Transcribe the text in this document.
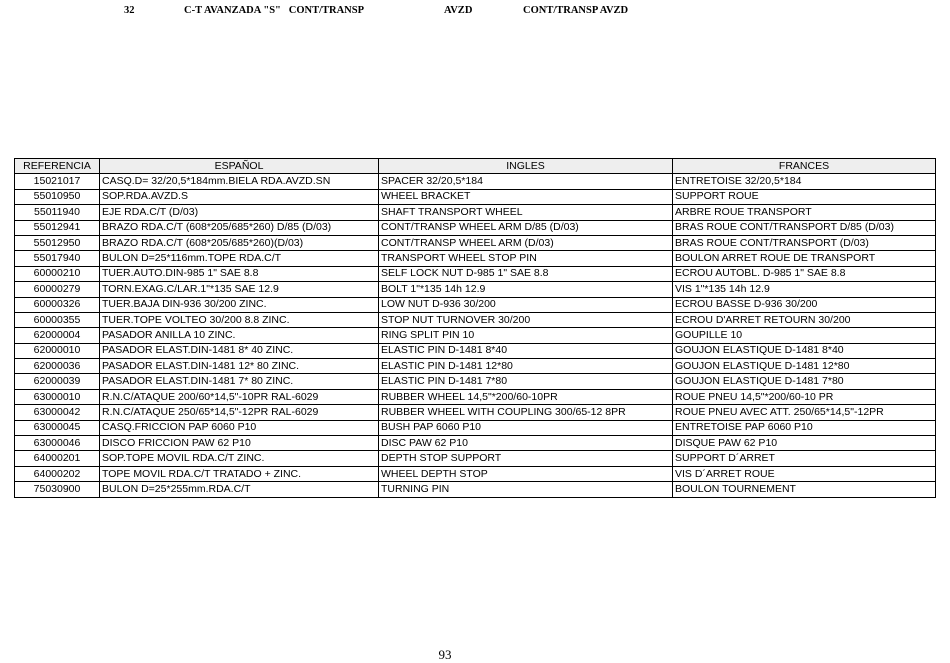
32	C-T AVANZADA "S"   CONT/TRANSP	AVZD	CONT/TRANSP AVZD
REFERENCIA	ESPAÑOL	INGLES	FRANCES
15021017	CASQ.D= 32/20,5*184mm.BIELA RDA.AVZD.SN	SPACER 32/20,5*184	ENTRETOISE 32/20,5*184
55010950	SOP.RDA.AVZD.S	WHEEL BRACKET	SUPPORT ROUE
55011940	EJE RDA.C/T (D/03)	SHAFT TRANSPORT WHEEL	ARBRE ROUE TRANSPORT
55012941	BRAZO RDA.C/T (608*205/685*260) D/85 (D/03)	CONT/TRANSP WHEEL ARM D/85 (D/03)	BRAS ROUE CONT/TRANSPORT D/85 (D/03)
55012950	BRAZO RDA.C/T (608*205/685*260)(D/03)	CONT/TRANSP WHEEL ARM (D/03)	BRAS ROUE CONT/TRANSPORT (D/03)
55017940	BULON D=25*116mm.TOPE RDA.C/T	TRANSPORT WHEEL STOP PIN	BOULON ARRET ROUE DE TRANSPORT
60000210	TUER.AUTO.DIN-985 1" SAE 8.8	SELF LOCK NUT D-985 1" SAE 8.8	ECROU AUTOBL. D-985 1" SAE 8.8
60000279	TORN.EXAG.C/LAR.1"*135 SAE 12.9	BOLT 1"*135 14h 12.9	VIS 1"*135 14h 12.9
60000326	TUER.BAJA DIN-936 30/200 ZINC.	LOW NUT D-936 30/200	ECROU BASSE D-936 30/200
60000355	TUER.TOPE VOLTEO 30/200 8.8 ZINC.	STOP NUT TURNOVER 30/200	ECROU D'ARRET RETOURN 30/200
62000004	PASADOR ANILLA 10 ZINC.	RING SPLIT PIN 10	GOUPILLE 10
62000010	PASADOR ELAST.DIN-1481 8* 40 ZINC.	ELASTIC PIN D-1481 8*40	GOUJON ELASTIQUE D-1481 8*40
62000036	PASADOR ELAST.DIN-1481 12* 80 ZINC.	ELASTIC PIN D-1481 12*80	GOUJON ELASTIQUE D-1481 12*80
62000039	PASADOR ELAST.DIN-1481 7* 80 ZINC.	ELASTIC PIN D-1481 7*80	GOUJON ELASTIQUE D-1481 7*80
63000010	R.N.C/ATAQUE 200/60*14,5"-10PR RAL-6029	RUBBER WHEEL 14,5"*200/60-10PR	ROUE PNEU 14,5"*200/60-10 PR
63000042	R.N.C/ATAQUE 250/65*14,5"-12PR RAL-6029	RUBBER WHEEL WITH COUPLING 300/65-12 8PR	ROUE PNEU AVEC ATT. 250/65*14,5"-12PR
63000045	CASQ.FRICCION PAP 6060 P10	BUSH PAP 6060 P10	ENTRETOISE PAP 6060 P10
63000046	DISCO FRICCION PAW 62 P10	DISC PAW 62 P10	DISQUE PAW 62 P10
64000201	SOP.TOPE MOVIL RDA.C/T ZINC.	DEPTH STOP SUPPORT	SUPPORT D´ARRET
64000202	TOPE MOVIL RDA.C/T TRATADO + ZINC.	WHEEL DEPTH STOP	VIS D´ARRET ROUE
75030900	BULON D=25*255mm.RDA.C/T	TURNING PIN	BOULON TOURNEMENT
93
